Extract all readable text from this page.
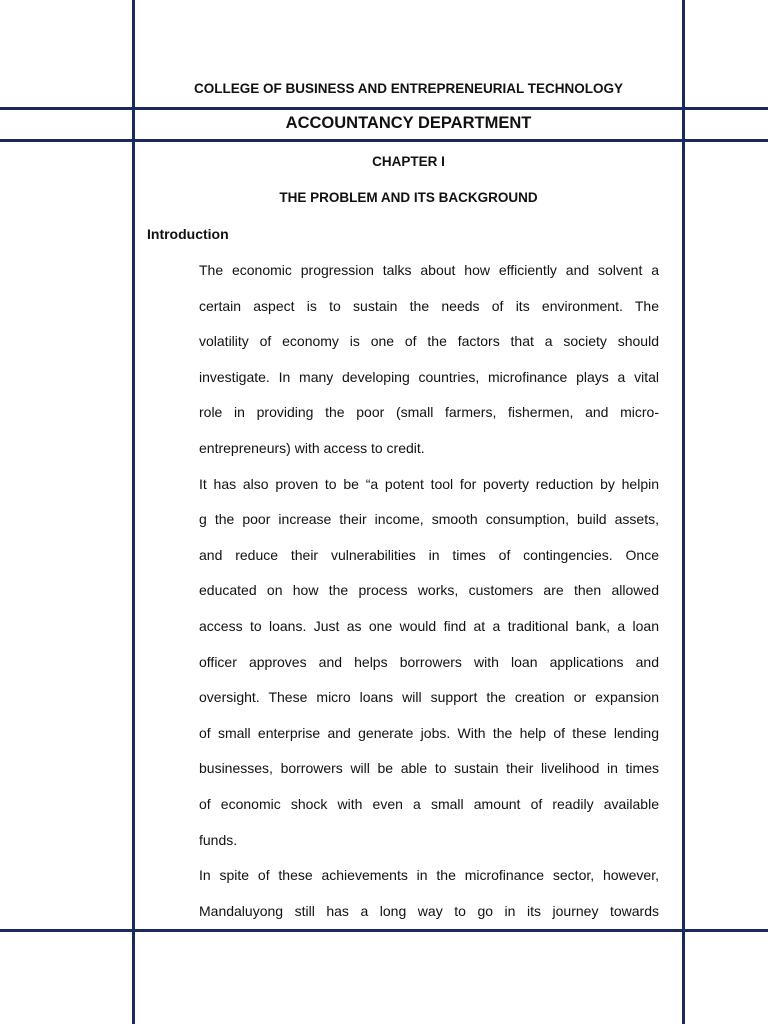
COLLEGE OF BUSINESS AND ENTREPRENEURIAL TECHNOLOGY
ACCOUNTANCY DEPARTMENT
CHAPTER I
THE PROBLEM AND ITS BACKGROUND
Introduction
The economic progression talks about how efficiently and solvent a
certain aspect is to sustain the needs of its environment. The
volatility of economy is one of the factors that a society should
investigate. In many developing countries, microfinance plays a vital
role in providing the poor (small farmers, fishermen, and micro-
entrepreneurs) with access to credit.
It has also proven to be “a potent tool for poverty reduction by helpin
g the poor increase their income, smooth consumption, build assets,
and reduce their vulnerabilities in times of contingencies. Once
educated on how the process works, customers are then allowed
access to loans. Just as one would find at a traditional bank, a loan
officer approves and helps borrowers with loan applications and
oversight. These micro loans will support the creation or expansion
of small enterprise and generate jobs. With the help of these lending
businesses, borrowers will be able to sustain their livelihood in times
of economic shock with even a small amount of readily available
funds.
In spite of these achievements in the microfinance sector, however,
Mandaluyong still has a long way to go in its journey towards
